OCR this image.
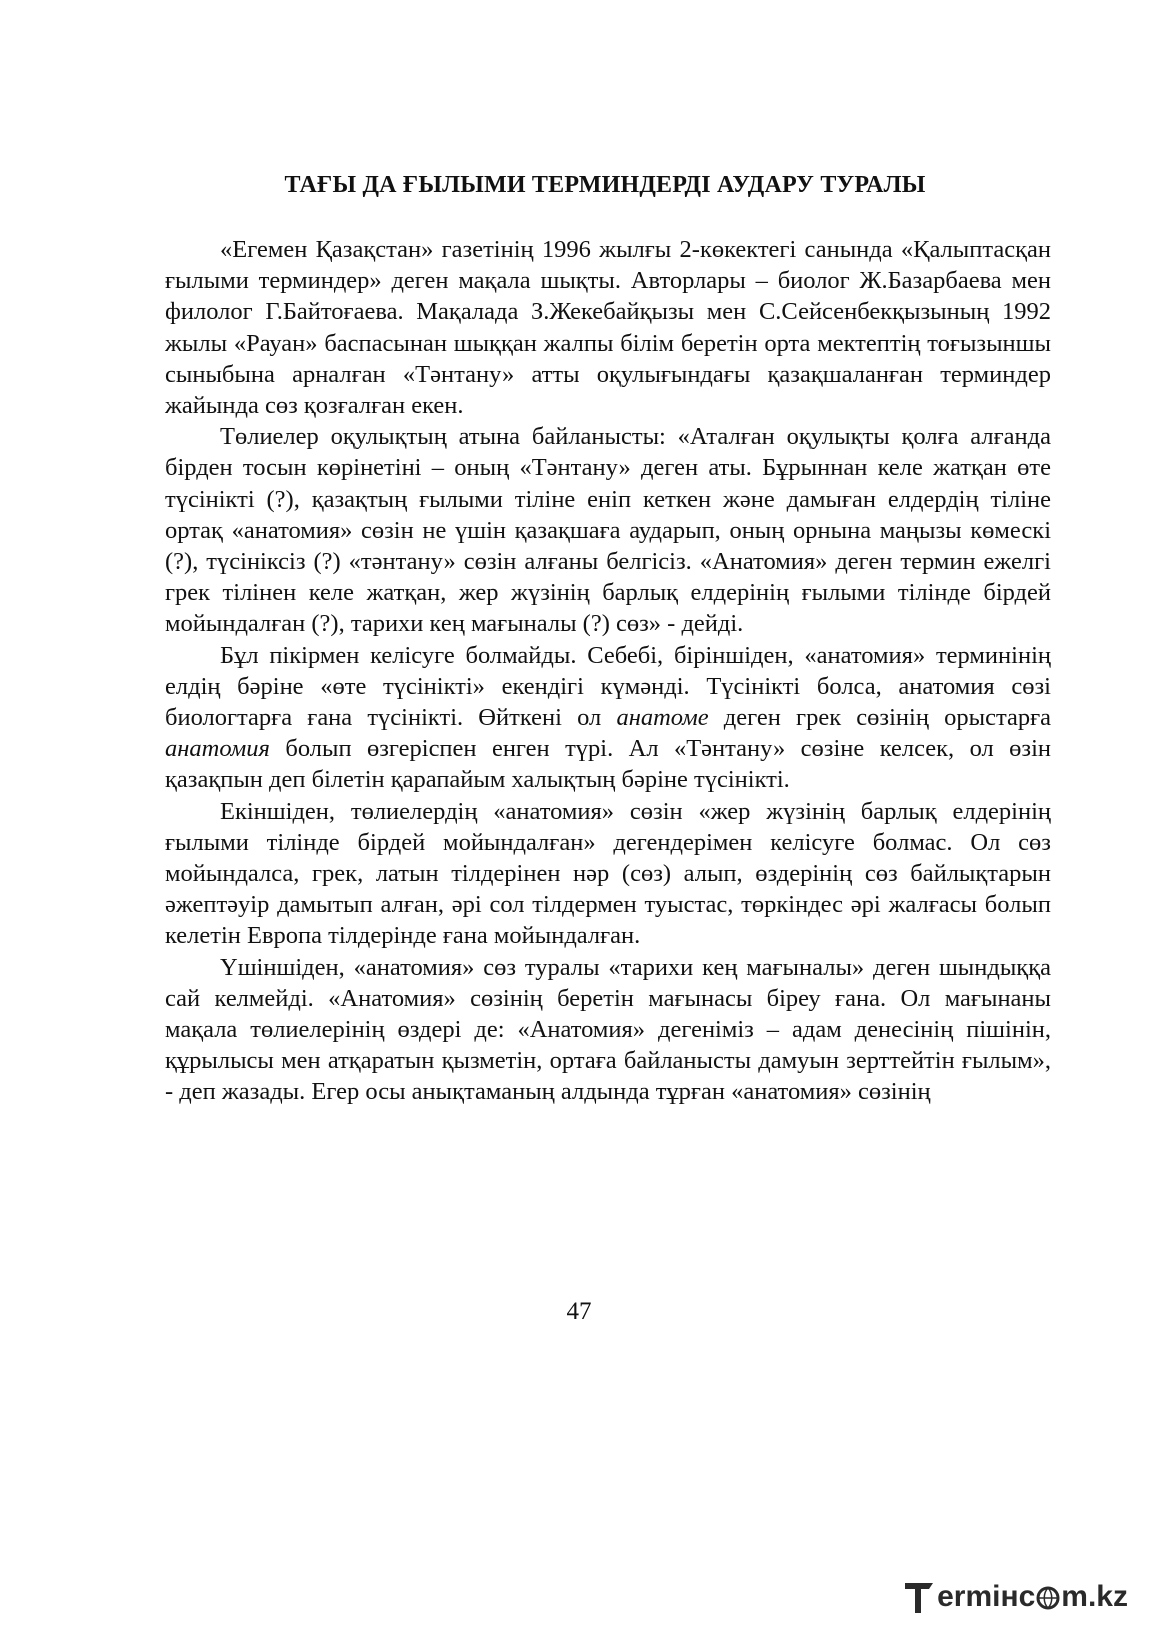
ТАҒЫ ДА ҒЫЛЫМИ ТЕРМИНДЕРДІ АУДАРУ ТУРАЛЫ

«Егемен Қазақстан» газетінің 1996 жылғы 2-көкектегі санында «Қалыптасқан ғылыми терминдер» деген мақала шықты. Авторлары – биолог Ж.Базарбаева мен филолог Г.Байтоғаева. Мақалада З.Жекебайқызы мен С.Сейсенбекқызының 1992 жылы «Рауан» баспасынан шыққан жалпы білім беретін орта мектептің тоғызыншы сыныбына арналған «Тәнтану» атты оқулығындағы қазақшаланған терминдер жайында сөз қозғалған екен.

Төлиелер оқулықтың атына байланысты: «Аталған оқулықты қолға алғанда бірден тосын көрінетіні – оның «Тәнтану» деген аты. Бұрыннан келе жатқан өте түсінікті (?), қазақтың ғылыми тіліне еніп кеткен және дамыған елдердің тіліне ортақ «анатомия» сөзін не үшін қазақшаға аударып, оның орнына маңызы көмескі (?), түсініксіз (?) «тәнтану» сөзін алғаны белгісіз. «Анатомия» деген термин ежелгі грек тілінен келе жатқан, жер жүзінің барлық елдерінің ғылыми тілінде бірдей мойындалған (?), тарихи кең мағыналы (?) сөз» - дейді.

Бұл пікірмен келісуге болмайды. Себебі, біріншіден, «анатомия» терминінің елдің бәріне «өте түсінікті» екендігі күмәнді. Түсінікті болса, анатомия сөзі биологтарға ғана түсінікті. Өйткені ол анатоме деген грек сөзінің орыстарға анатомия болып өзгеріспен енген түрі. Ал «Тәнтану» сөзіне келсек, ол өзін қазақпын деп білетін қарапайым халықтың бәріне түсінікті.

Екіншіден, төлиелердің «анатомия» сөзін «жер жүзінің барлық елдерінің ғылыми тілінде бірдей мойындалған» дегендерімен келісуге болмас. Ол сөз мойындалса, грек, латын тілдерінен нәр (сөз) алып, өздерінің сөз байлықтарын әжептәуір дамытып алған, әрі сол тілдермен туыстас, төркіндес әрі жалғасы болып келетін Европа тілдерінде ғана мойындалған.

Үшіншіден, «анатомия» сөз туралы «тарихи кең мағыналы» деген шындыққа сай келмейді. «Анатомия» сөзінің беретін мағынасы біреу ғана. Ол мағынаны мақала төлиелерінің өздері де: «Анатомия» дегеніміз – адам денесінің пішінін, құрылысы мен атқаратын қызметін, ортаға байланысты дамуын зерттейтін ғылым», - деп жазады. Егер осы анықтаманың алдында тұрған «анатомия» сөзінің

47
ermінc m.kz
